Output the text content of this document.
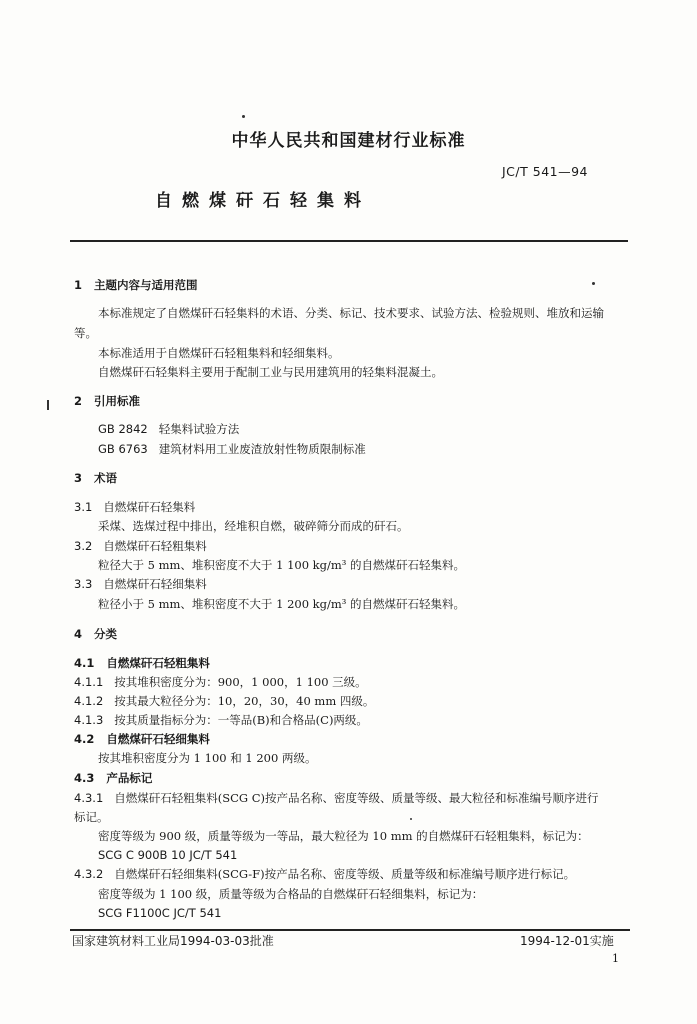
中华人民共和国建材行业标准
JC/T 541—94
自燃煤矸石轻集料
1 主题内容与适用范围
本标准规定了自燃煤矸石轻集料的术语、分类、标记、技术要求、试验方法、检验规则、堆放和运输
等。
本标准适用于自燃煤矸石轻粗集料和轻细集料。
自燃煤矸石轻集料主要用于配制工业与民用建筑用的轻集料混凝土。
2 引用标准
GB 2842 轻集料试验方法
GB 6763 建筑材料用工业废渣放射性物质限制标准
3 术语
3.1 自燃煤矸石轻集料
采煤、选煤过程中排出，经堆积自燃，破碎筛分而成的矸石。
3.2 自燃煤矸石轻粗集料
粒径大于 5 mm、堆积密度不大于 1 100 kg/m³ 的自燃煤矸石轻集料。
3.3 自燃煤矸石轻细集料
粒径小于 5 mm、堆积密度不大于 1 200 kg/m³ 的自燃煤矸石轻集料。
4 分类
4.1 自燃煤矸石轻粗集料
4.1.1 按其堆积密度分为：900，1 000，1 100 三级。
4.1.2 按其最大粒径分为：10，20，30，40 mm 四级。
4.1.3 按其质量指标分为：一等品(B)和合格品(C)两级。
4.2 自燃煤矸石轻细集料
按其堆积密度分为 1 100 和 1 200 两级。
4.3 产品标记
4.3.1 自燃煤矸石轻粗集料(SCG C)按产品名称、密度等级、质量等级、最大粒径和标准编号顺序进行
标记。
密度等级为 900 级，质量等级为一等品，最大粒径为 10 mm 的自燃煤矸石轻粗集料，标记为：
SCG C 900B 10 JC/T 541
4.3.2 自燃煤矸石轻细集料(SCG-F)按产品名称、密度等级、质量等级和标准编号顺序进行标记。
密度等级为 1 100 级，质量等级为合格品的自燃煤矸石轻细集料，标记为：
SCG F1100C JC/T 541
国家建筑材料工业局1994-03-03批准	1994-12-01实施
1
